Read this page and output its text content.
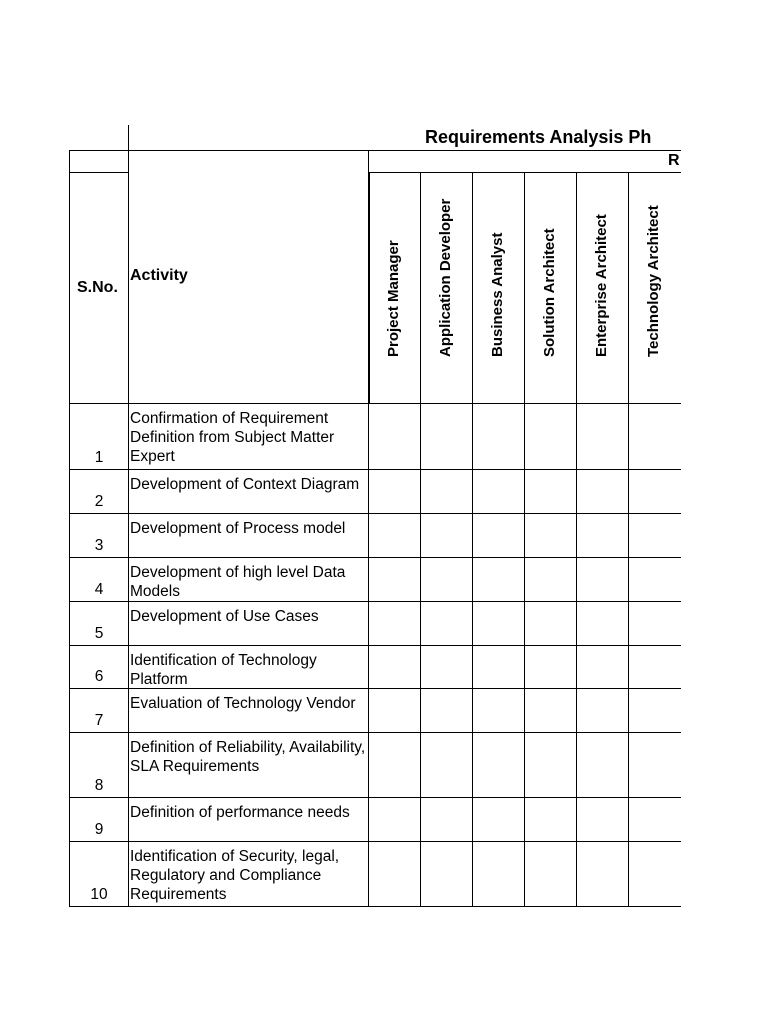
Requirements Analysis Ph
R
S.No.
Activity	Project Manager Application Developer Business Analyst Solution Architect Enterprise Architect Technology Architect
Confirmation of Requirement Definition from Subject Matter Expert
1
Development of Context Diagram
2
Development of Process model
3
Development of high level Data Models
4
Development of Use Cases
5
Identification of Technology Platform
6
Evaluation of Technology Vendor
7
Definition of Reliability, Availability, SLA Requirements
8
Definition of performance needs
9
Identification of Security, legal, Regulatory and Compliance Requirements
10
